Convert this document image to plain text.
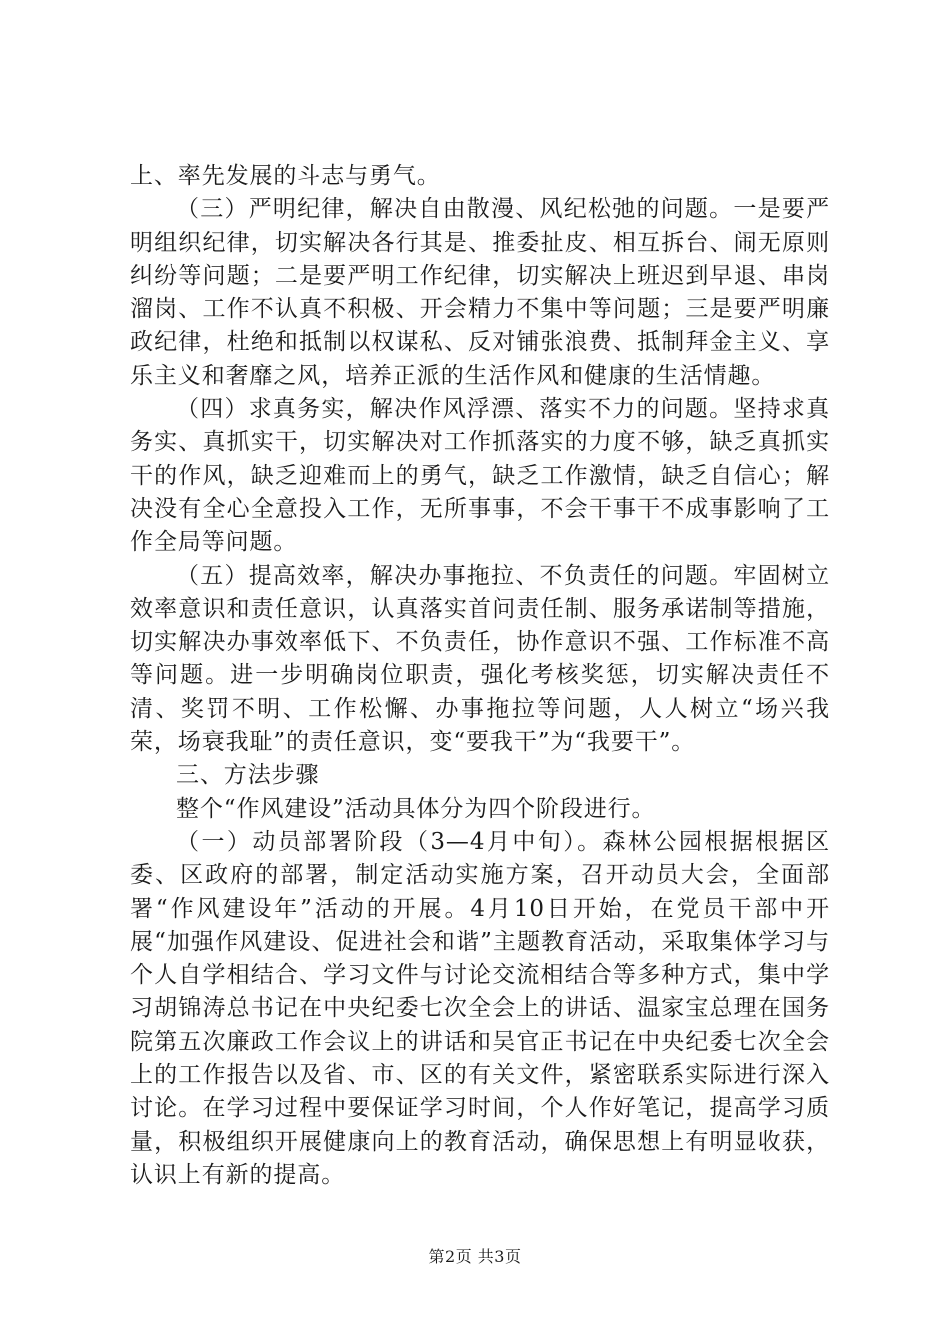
上、率先发展的斗志与勇气。

（三）严明纪律，解决自由散漫、风纪松弛的问题。一是要严明组织纪律，切实解决各行其是、推委扯皮、相互拆台、闹无原则纠纷等问题；二是要严明工作纪律，切实解决上班迟到早退、串岗溜岗、工作不认真不积极、开会精力不集中等问题；三是要严明廉政纪律，杜绝和抵制以权谋私、反对铺张浪费、抵制拜金主义、享乐主义和奢靡之风，培养正派的生活作风和健康的生活情趣。

（四）求真务实，解决作风浮漂、落实不力的问题。坚持求真务实、真抓实干，切实解决对工作抓落实的力度不够，缺乏真抓实干的作风，缺乏迎难而上的勇气，缺乏工作激情，缺乏自信心；解决没有全心全意投入工作，无所事事，不会干事干不成事影响了工作全局等问题。

（五）提高效率，解决办事拖拉、不负责任的问题。牢固树立效率意识和责任意识，认真落实首问责任制、服务承诺制等措施，切实解决办事效率低下、不负责任，协作意识不强、工作标准不高等问题。进一步明确岗位职责，强化考核奖惩，切实解决责任不清、奖罚不明、工作松懈、办事拖拉等问题，人人树立“场兴我荣，场衰我耻”的责任意识，变“要我干”为“我要干”。

三、方法步骤

整个“作风建设”活动具体分为四个阶段进行。

（一）动员部署阶段（3—4月中旬）。森林公园根据根据区委、区政府的部署，制定活动实施方案，召开动员大会，全面部署“作风建设年”活动的开展。4月10日开始，在党员干部中开展“加强作风建设、促进社会和谐”主题教育活动，采取集体学习与个人自学相结合、学习文件与讨论交流相结合等多种方式，集中学习胡锦涛总书记在中央纪委七次全会上的讲话、温家宝总理在国务院第五次廉政工作会议上的讲话和吴官正书记在中央纪委七次全会上的工作报告以及省、市、区的有关文件，紧密联系实际进行深入讨论。在学习过程中要保证学习时间，个人作好笔记，提高学习质量，积极组织开展健康向上的教育活动，确保思想上有明显收获，认识上有新的提高。

第2页 共3页
